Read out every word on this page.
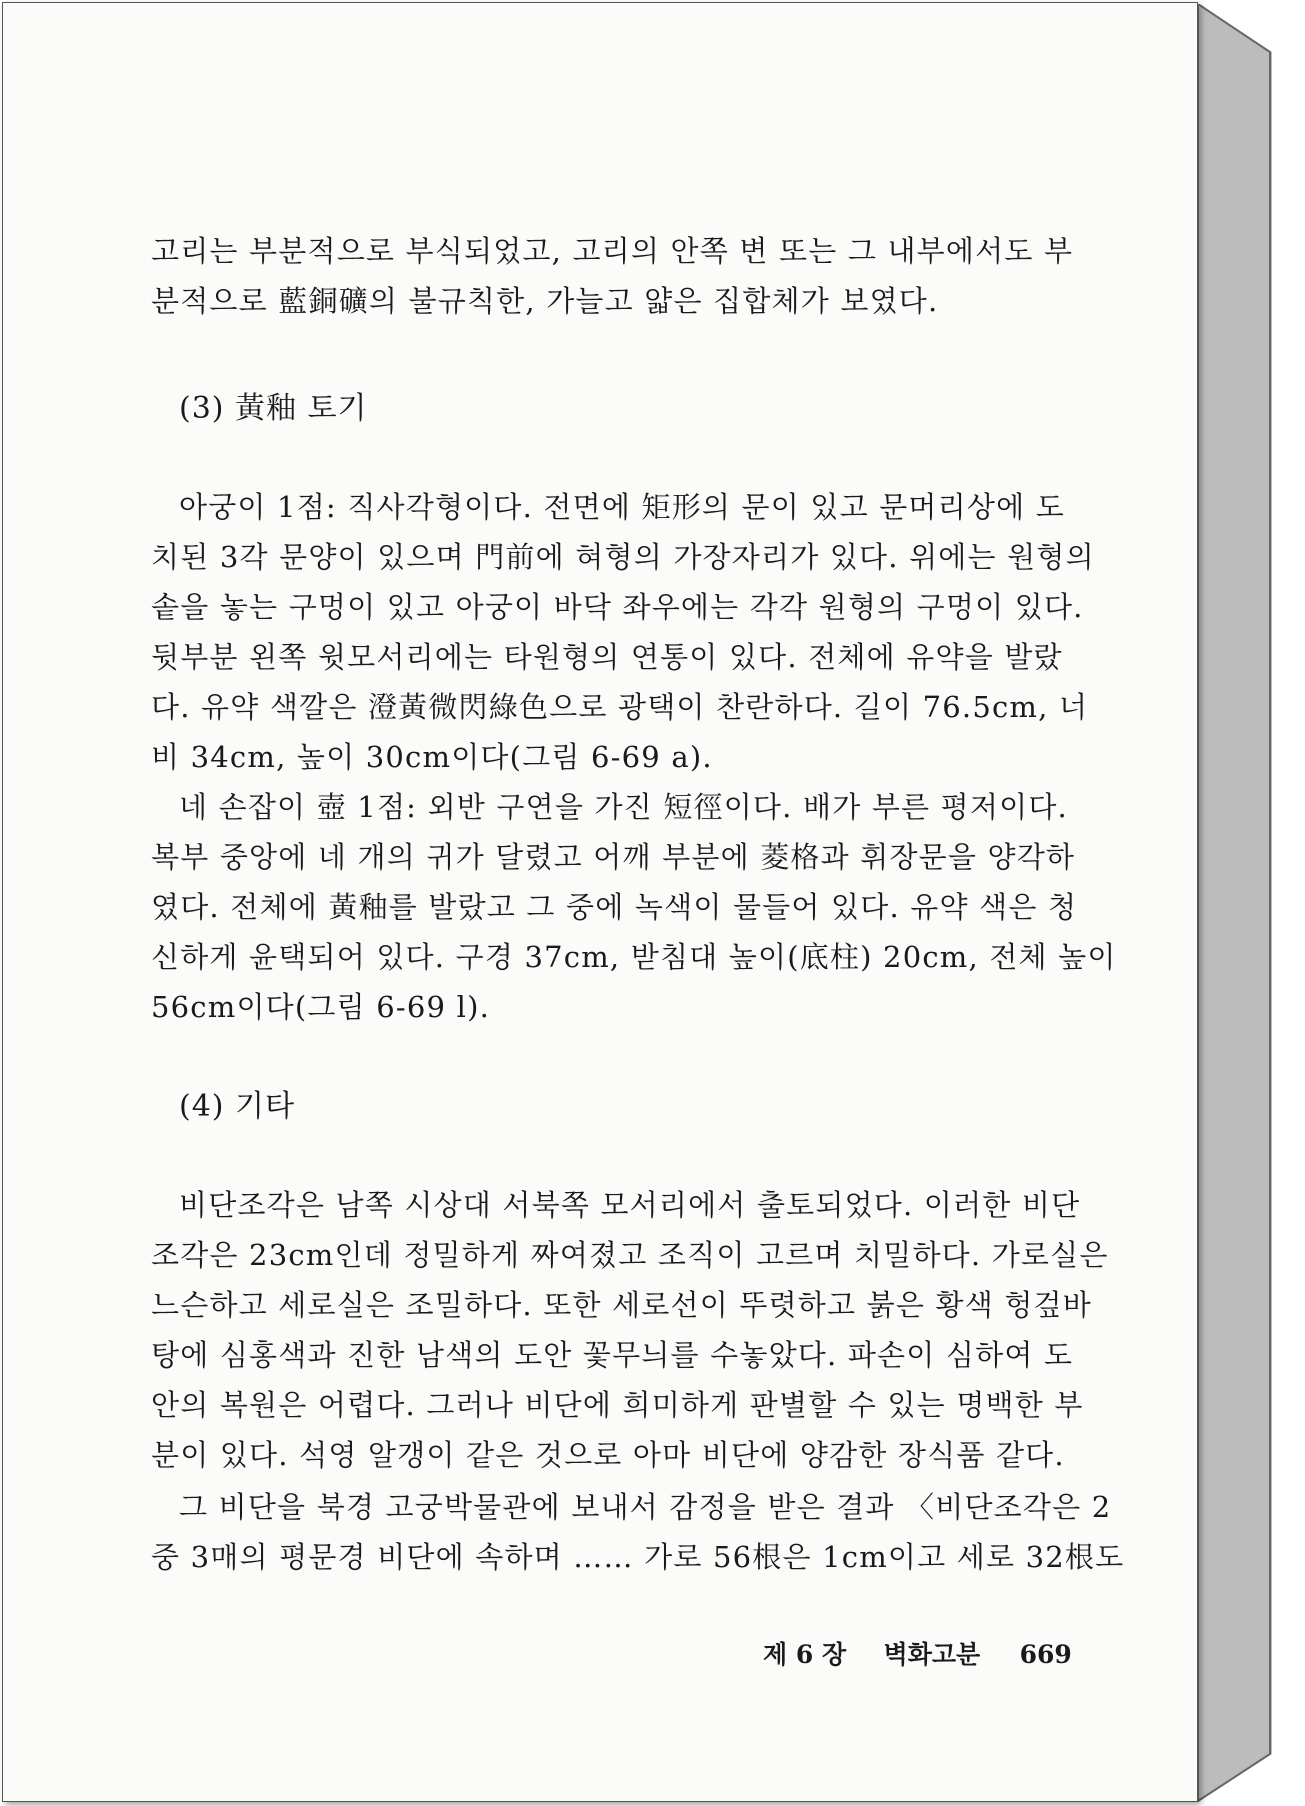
고리는 부분적으로 부식되었고, 고리의 안쪽 변 또는 그 내부에서도 부
분적으로 藍銅礦의 불규칙한, 가늘고 얇은 집합체가 보였다.
(3) 黃釉 토기
아궁이 1점: 직사각형이다. 전면에 矩形의 문이 있고 문머리상에 도
치된 3각 문양이 있으며 門前에 혀형의 가장자리가 있다. 위에는 원형의
솥을 놓는 구멍이 있고 아궁이 바닥 좌우에는 각각 원형의 구멍이 있다.
뒷부분 왼쪽 윗모서리에는 타원형의 연통이 있다. 전체에 유약을 발랐
다. 유약 색깔은 澄黃微閃綠色으로 광택이 찬란하다. 길이 76.5cm, 너
비 34cm, 높이 30cm이다(그림 6-69 a).
네 손잡이 壺 1점: 외반 구연을 가진 短徑이다. 배가 부른 평저이다.
복부 중앙에 네 개의 귀가 달렸고 어깨 부분에 菱格과 휘장문을 양각하
였다. 전체에 黃釉를 발랐고 그 중에 녹색이 물들어 있다. 유약 색은 청
신하게 윤택되어 있다. 구경 37cm, 받침대 높이(底柱) 20cm, 전체 높이
56cm이다(그림 6-69 l).
(4) 기타
비단조각은 남쪽 시상대 서북쪽 모서리에서 출토되었다. 이러한 비단
조각은 23cm인데 정밀하게 짜여졌고 조직이 고르며 치밀하다. 가로실은
느슨하고 세로실은 조밀하다. 또한 세로선이 뚜렷하고 붉은 황색 헝겊바
탕에 심홍색과 진한 남색의 도안 꽃무늬를 수놓았다. 파손이 심하여 도
안의 복원은 어렵다. 그러나 비단에 희미하게 판별할 수 있는 명백한 부
분이 있다. 석영 알갱이 같은 것으로 아마 비단에 양감한 장식품 같다.
그 비단을 북경 고궁박물관에 보내서 감정을 받은 결과 〈비단조각은 2
중 3매의 평문경 비단에 속하며 …… 가로 56根은 1cm이고 세로 32根도
제 6 장 벽화고분 669
